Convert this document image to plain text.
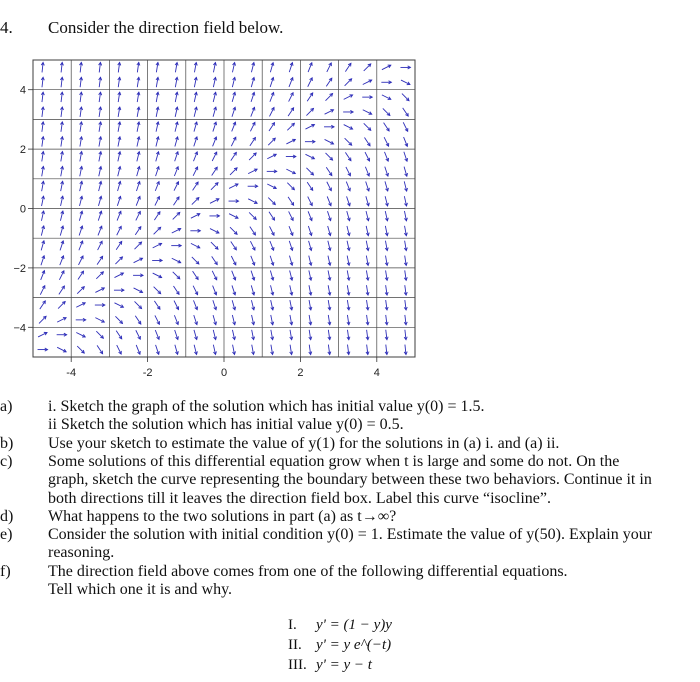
4. Consider the direction field below.
-4	-2	0	2	4
4
2
0
−2
−4
a) i. Sketch the graph of the solution which has initial value y(0) = 1.5.
ii Sketch the solution which has initial value y(0) = 0.5.
b) Use your sketch to estimate the value of y(1) for the solutions in (a) i. and (a) ii.
c) Some solutions of this differential equation grow when t is large and some do not. On the
graph, sketch the curve representing the boundary between these two behaviors. Continue it in
both directions till it leaves the direction field box. Label this curve “isocline”.
d) What happens to the two solutions in part (a) as t→∞?
e) Consider the solution with initial condition y(0) = 1. Estimate the value of y(50). Explain your
reasoning.
f) The direction field above comes from one of the following differential equations.
Tell which one it is and why.
I. y' = (1 − y)y
II. y' = y e^(−t)
III. y' = y − t
